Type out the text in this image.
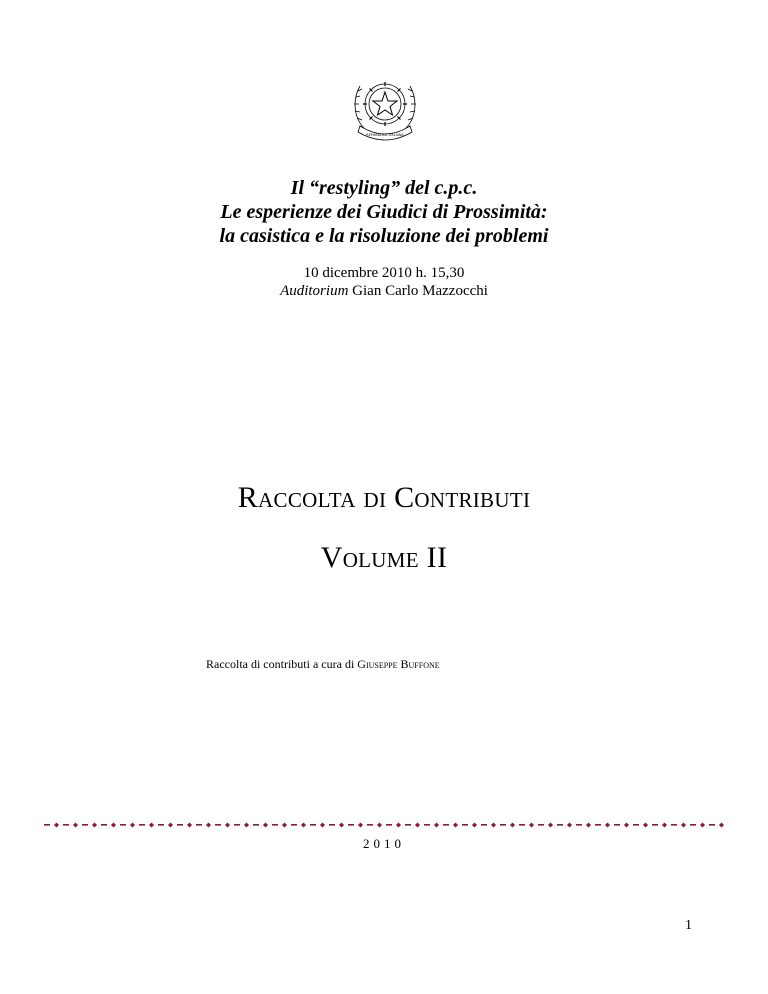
REPUBBLICA ITALIANA
Il “restyling” del c.p.c.
Le esperienze dei Giudici di Prossimità:
la casistica e la risoluzione dei problemi
10 dicembre 2010 h. 15,30
Auditorium Gian Carlo Mazzocchi
Raccolta di Contributi
Volume II
Raccolta di contributi a cura di Giuseppe Buffone
2010
1
